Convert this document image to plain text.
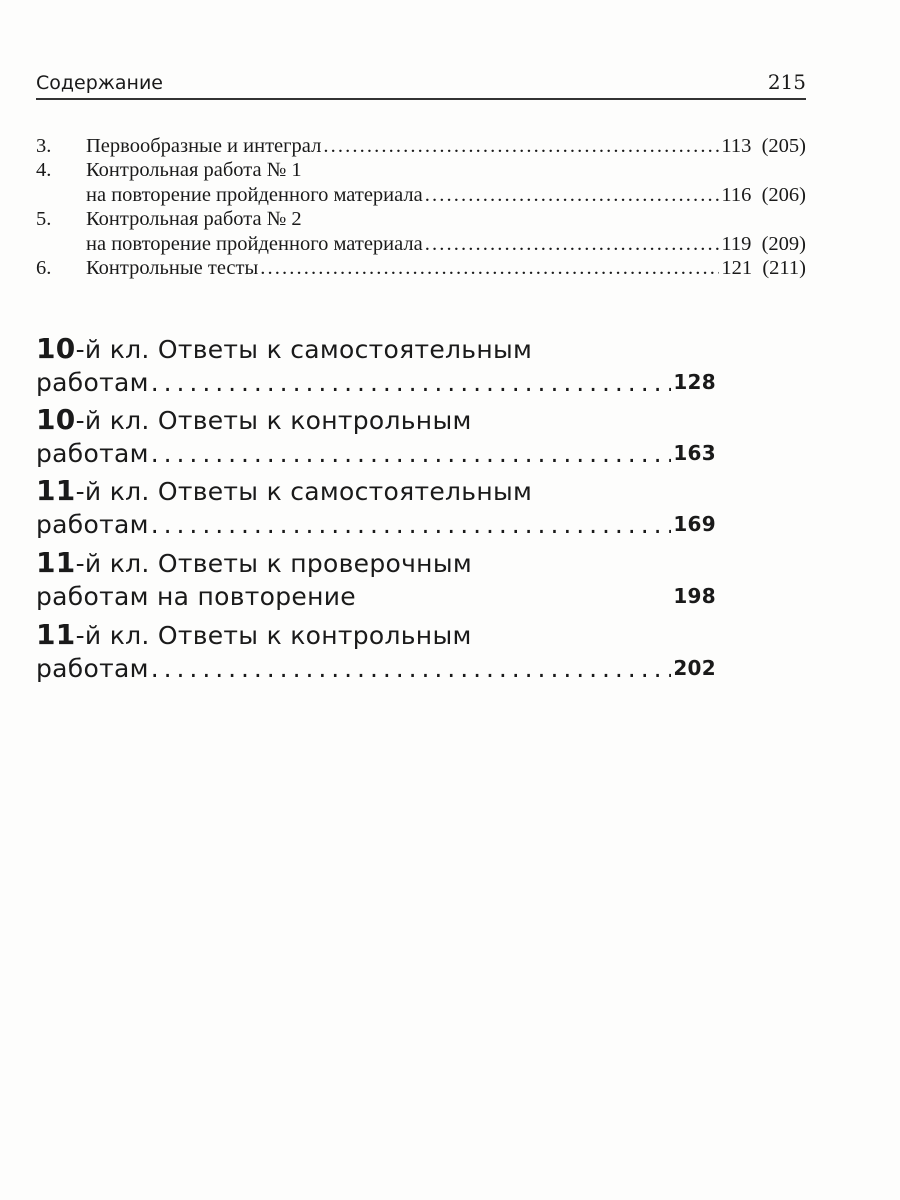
Содержание	215
3.	Первообразные и интеграл . . .	113 (205)
4.	Контрольная работа № 1
на повторение пройденного материала . . .	116 (206)
5.	Контрольная работа № 2
на повторение пройденного материала . . .	119 (209)
6.	Контрольные тесты . . .	121 (211)
10-й кл. Ответы к самостоятельным
работам . . .	128
10-й кл. Ответы к контрольным
работам . . .	163
11-й кл. Ответы к самостоятельным
работам . . .	169
11-й кл. Ответы к проверочным
работам на повторение	198
11-й кл. Ответы к контрольным
работам . . .	202
